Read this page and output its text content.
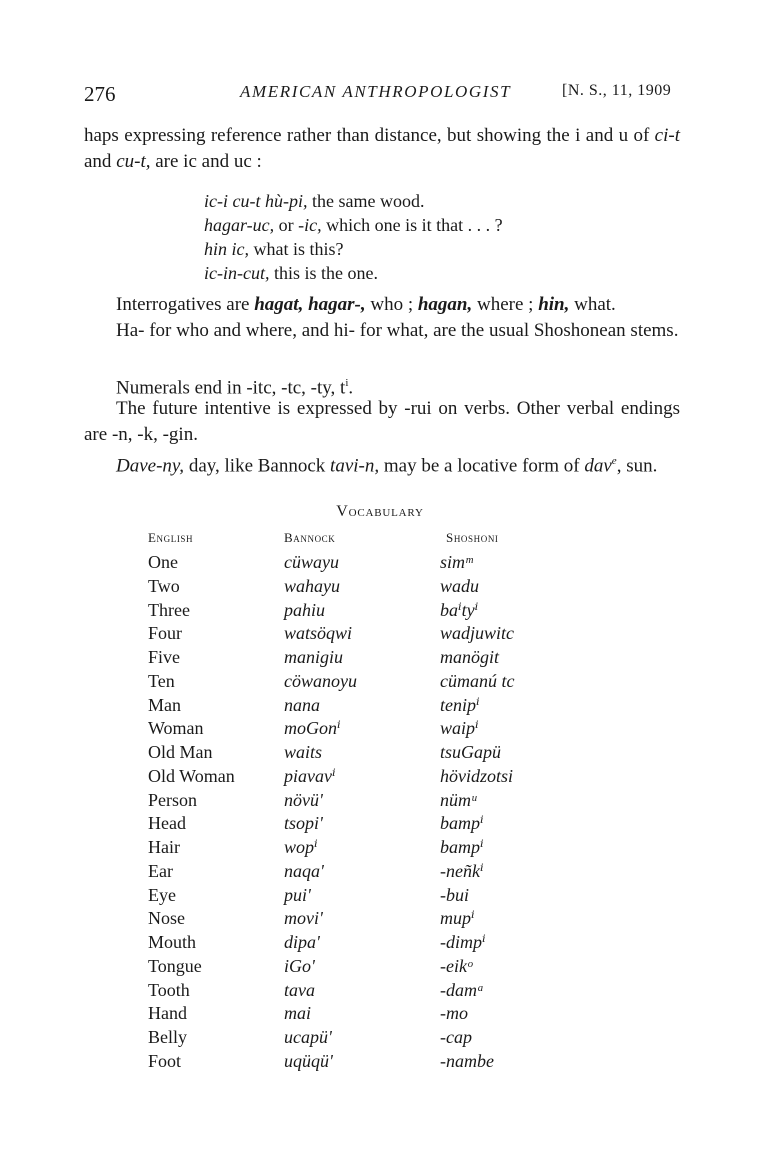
276	AMERICAN ANTHROPOLOGIST	[N. S., 11, 1909
haps expressing reference rather than distance, but showing the i and u of ci-t and cu-t, are ic and uc :
ic-i cu-t hù-pi, the same wood.
hagar-uc, or -ic, which one is it that . . . ?
hin ic, what is this?
ic-in-cut, this is the one.
Interrogatives are hagat, hagar-, who ; hagan, where ; hin, what.
Ha- for who and where, and hi- for what, are the usual Shoshonean stems.
Numerals end in -itc, -tc, -ty, $t^i$.
The future intentive is expressed by -rui on verbs. Other verbal endings are -n, -k, -gin.
Dave-ny, day, like Bannock tavi-n, may be a locative form of dav$^e$, sun.
Vocabulary
English	Bannock	Shoshoni
One	cüwayu	simᵐ
Two	wahayu	wadu
Three	pahiu	baⁱtyⁱ
Four	watsöqwi	wadjuwitc
Five	manigiu	manögit
Ten	cöwanoyu	cümanú tc
Man	nana	tenipⁱ
Woman	moGonⁱ	waipⁱ
Old Man	waits	tsuGapü
Old Woman	piavavⁱ	hövidzotsi
Person	növü'	nümᵘ
Head	tsopi'	bampⁱ
Hair	wopⁱ	bampⁱ
Ear	naqa'	-neñkⁱ
Eye	pui'	-bui
Nose	movi'	mupⁱ
Mouth	dipa'	-dimpⁱ
Tongue	iGo'	-eikᵒ
Tooth	tava	-damᵃ
Hand	mai	-mo
Belly	ucapü'	-cap
Foot	uqüqü'	-nambe
